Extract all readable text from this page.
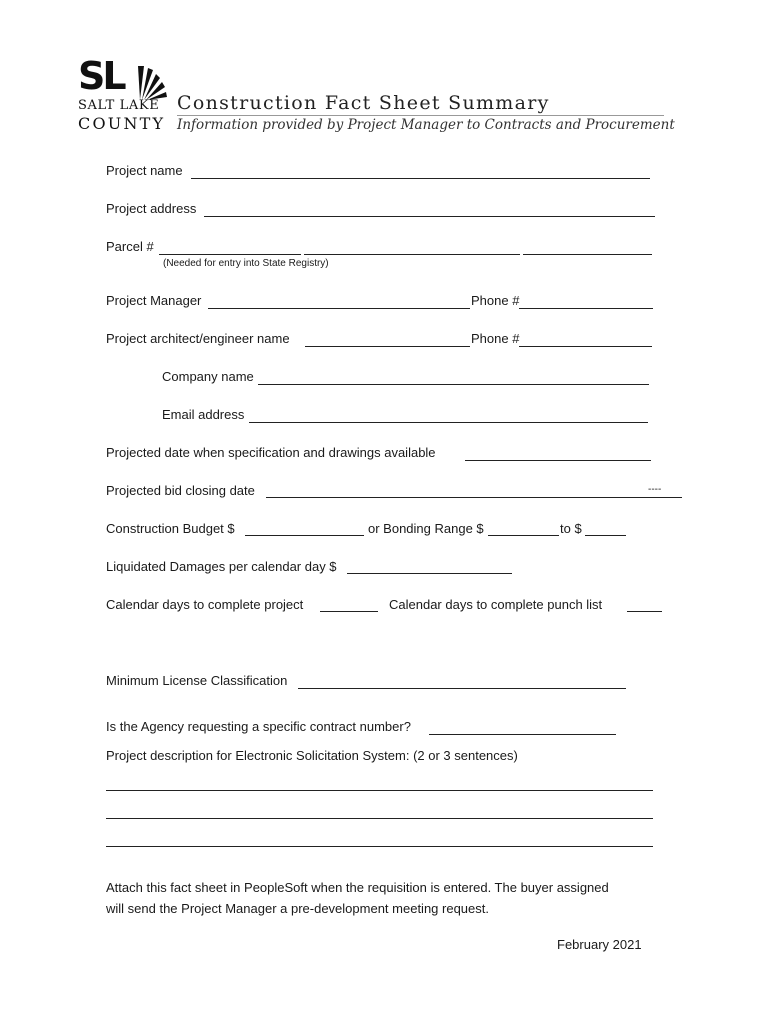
SL
SALT LAKE
COUNTY
Construction Fact Sheet Summary
Information provided by Project Manager to Contracts and Procurement
Project name
Project address
Parcel #
(Needed for entry into State Registry)
Project Manager	Phone #
Project architect/engineer name	Phone #
Company name
Email address
Projected date when specification and drawings available
Projected bid closing date	----
Construction Budget $	or Bonding Range $	to $
Liquidated Damages per calendar day $
Calendar days to complete project	Calendar days to complete punch list
Minimum License Classification
Is the Agency requesting a specific contract number?
Project description for Electronic Solicitation System: (2 or 3 sentences)
Attach this fact sheet in PeopleSoft when the requisition is entered. The buyer assigned
will send the Project Manager a pre-development meeting request.
February 2021
